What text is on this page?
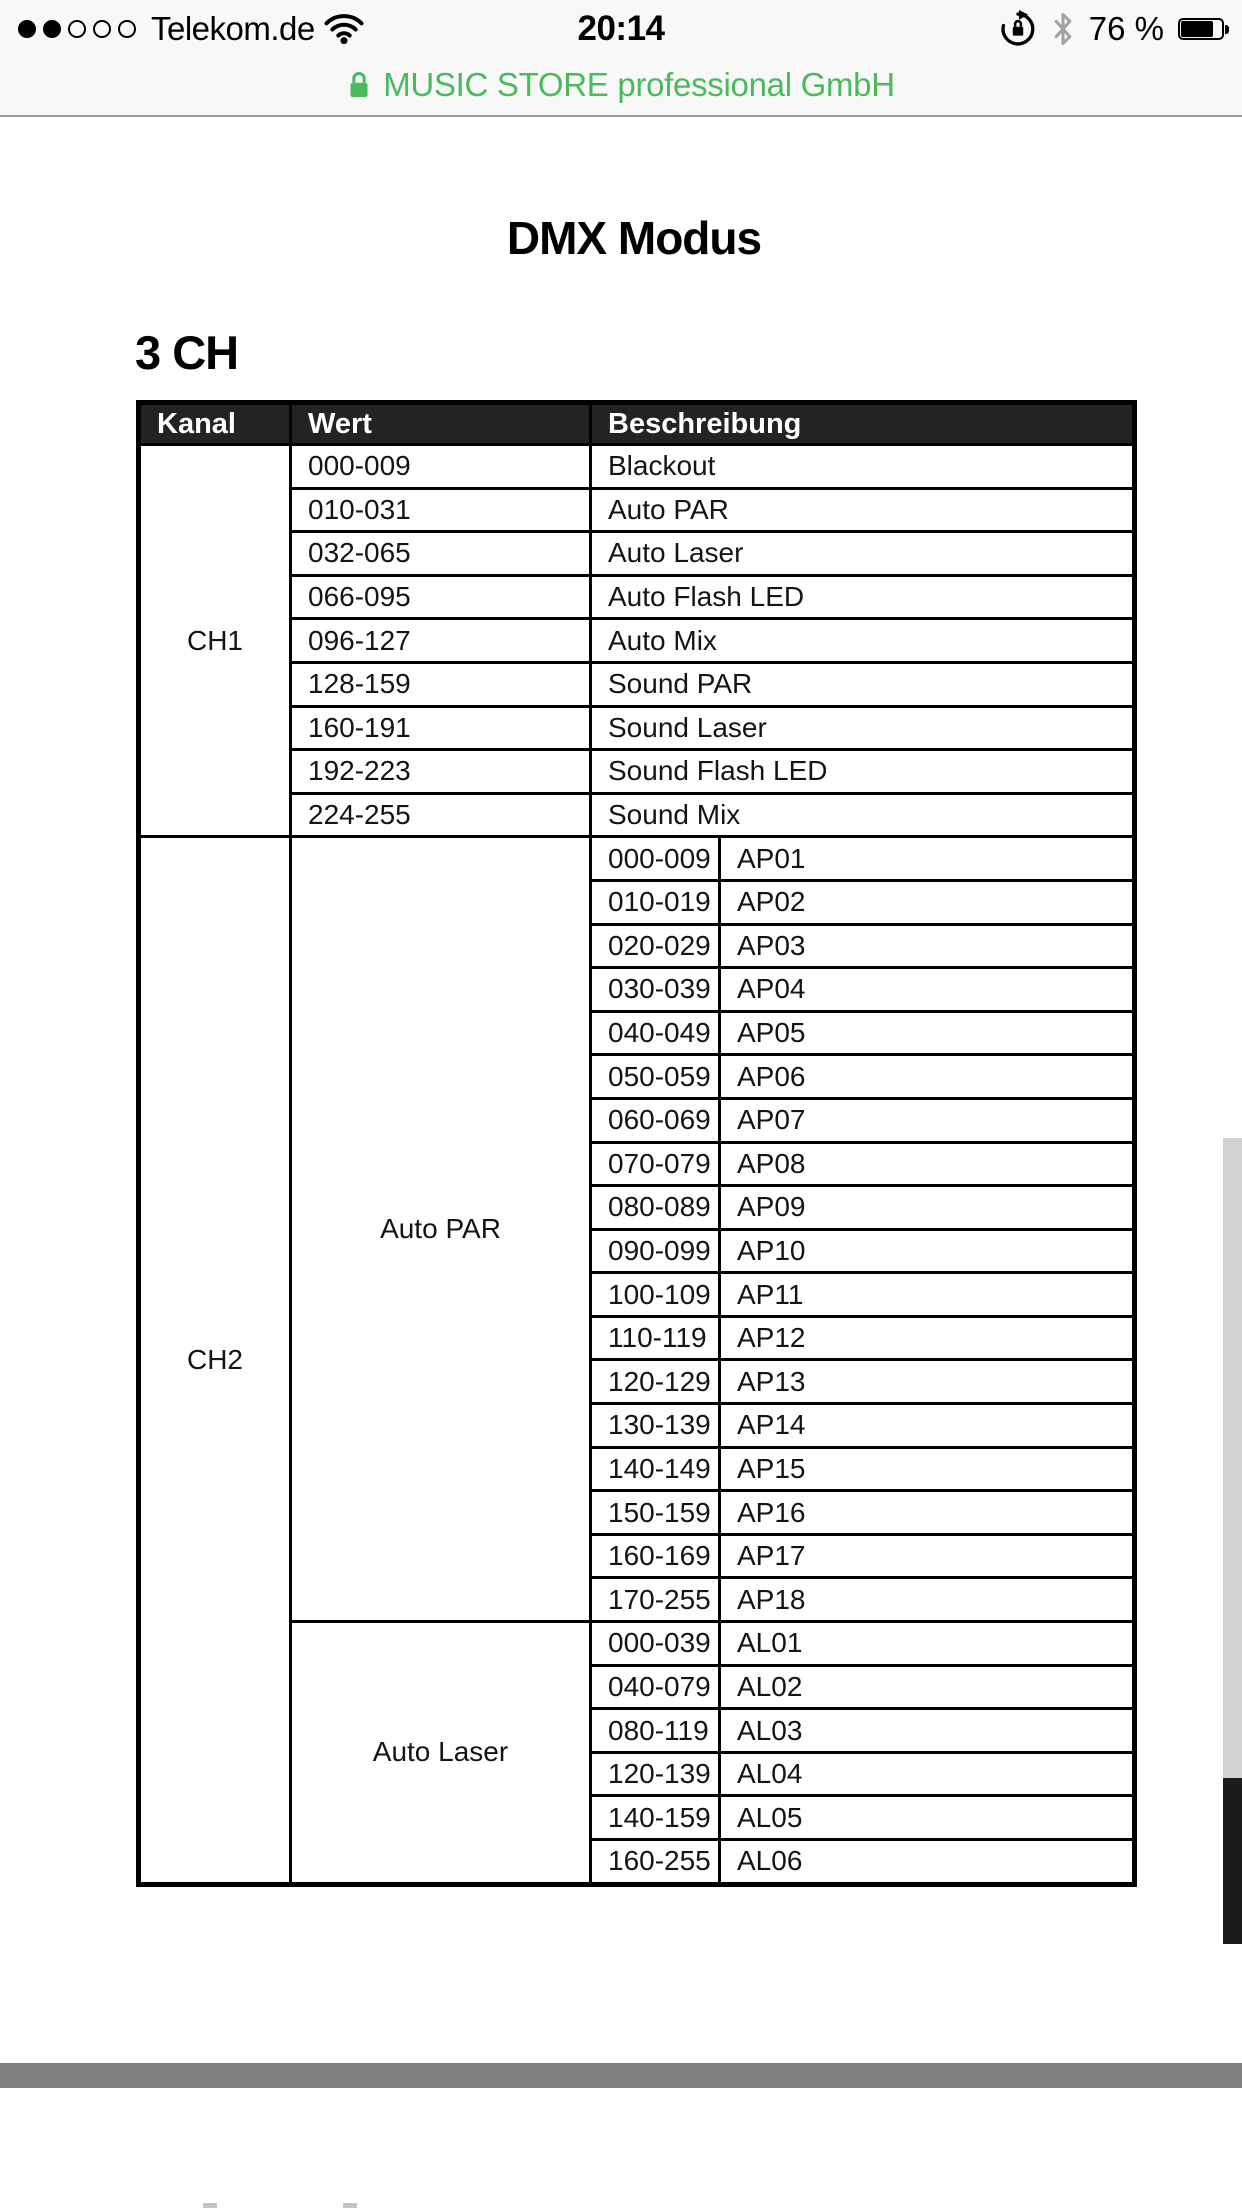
Telekom.de	20:14	76 %
MUSIC STORE professional GmbH
DMX Modus
3 CH
Kanal	Wert	Beschreibung	
CH1	000-009	Blackout	
	010-031	Auto PAR	
	032-065	Auto Laser	
	066-095	Auto Flash LED	
	096-127	Auto Mix	
	128-159	Sound PAR	
	160-191	Sound Laser	
	192-223	Sound Flash LED	
	224-255	Sound Mix	
CH2	Auto PAR	000-009	AP01
		010-019	AP02
		020-029	AP03
		030-039	AP04
		040-049	AP05
		050-059	AP06
		060-069	AP07
		070-079	AP08
		080-089	AP09
		090-099	AP10
		100-109	AP11
		110-119	AP12
		120-129	AP13
		130-139	AP14
		140-149	AP15
		150-159	AP16
		160-169	AP17
		170-255	AP18
	Auto Laser	000-039	AL01
		040-079	AL02
		080-119	AL03
		120-139	AL04
		140-159	AL05
		160-255	AL06
